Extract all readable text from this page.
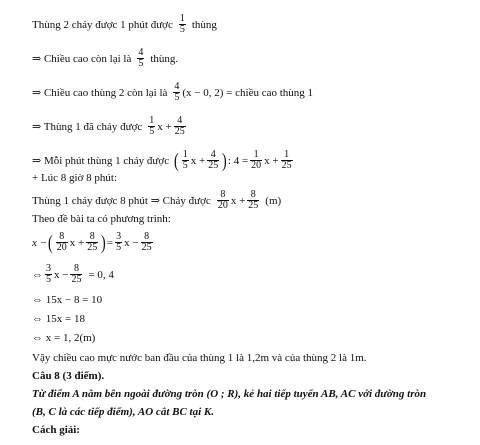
Thùng 2 chảy được 1 phút được $\frac{1}{5}$ thùng
⇒ Chiều cao còn lại là $\frac{4}{5}$ thùng.
⇒ Chiều cao thùng 2 còn lại là $\frac{4}{5} (x - 0$, 2) = chiều cao thùng 1
⇒ Thùng 1 đã chảy được $\frac{1}{5}$ $x + \frac{4}{25}$
⇒ Mỗi phút thùng 1 chảy được ( $\frac{1}{5}$ $x + \frac{4}{25}$ ) : $4 = \frac{1}{20}$ $x + \frac{1}{25}$
+ Lúc 8 giờ 8 phút:
Thùng 1 chảy được 8 phút ⇒ Chảy được $\frac{8}{20}$ $x + \frac{8}{25} (m)$
Theo đề bài ta có phương trình:
x − ( $\frac{8}{20}$ $x + \frac{8}{25}$ ) = $\frac{3}{5}$ $x - \frac{8}{25}$
⇔ $\frac{3}{5}$ $x - \frac{8}{25} = 0$, 4
⇔ 15x − 8 = 10
⇔ 15x = 18
⇔ x = 1, 2(m)
Vậy chiều cao mực nước ban đầu của thùng 1 là 1,2m và của thùng 2 là 1m.
Câu 8 (3 điểm).
Từ điểm A nằm bên ngoài đường tròn (O ; R), kẻ hai tiếp tuyến AB, AC với đường tròn
(B, C là các tiếp điểm), AO cắt BC tại K.
Cách giải:
